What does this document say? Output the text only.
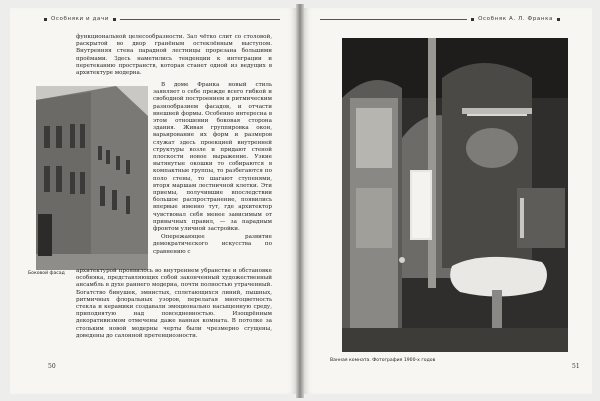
Особняки и дачи

функциональной целесообразности. Зал чётко слит со столовой, раскрытой во двор гранёным остеклённым выступом. Внутренняя стена парадной лестницы прорезана большими проёмами. Здесь наметились тенденции к интеграции и перетеканию пространств, которая станет одной из ведущих в архитектуре модерна.

Боковой фасад

В доме Франка новый стиль заявляет о себе прежде всего гибкой и свободной построением и ритмическим разнообразием фасадов, и отчасти внешней формы. Особенно интересна в этом отношении боковая сторона здания. Живая группировка окон, варьирование их форм и размеров служат здесь проекцией внутренней структуры возле и придают стеной плоскости новое выражение. Узкие вытянутые окошки то собираются в компактные группы, то разбегаются по поло стены, то шагают ступенями, вторя маршам лестничной клетки. Эти приемы, получившие впоследствии большое распространение, появились впервые именно тут, где архитектор чувствовал себя менее зависимым от привычных правил, — за парадным фронтом уличной застройки.

Опережающее развитие демократического искусства по сравнению с

архитектурой проявилось во внутреннем убранстве и обстановке особняка, представляющих собой законченный художественный ансамбль в духе раннего модерна, почти полностью утраченный. Богатство бинушек, эмнистых, сплетающихся линий, пышных, ритмичных флоральных узоров, перелагая многоцветность стекла и керамики создавали эмоционально насыщенную среду, приподнятую над повседневностью. Изощрённым декоративизмом отмечены даже ванная комната. В потолке за стольким новой модерны черты были чрезмерно сгущены, доведены до салонной претенциозности.

50
Особняк А. Л. Франка
Ванная комната. Фотография 1900-х годов
51
